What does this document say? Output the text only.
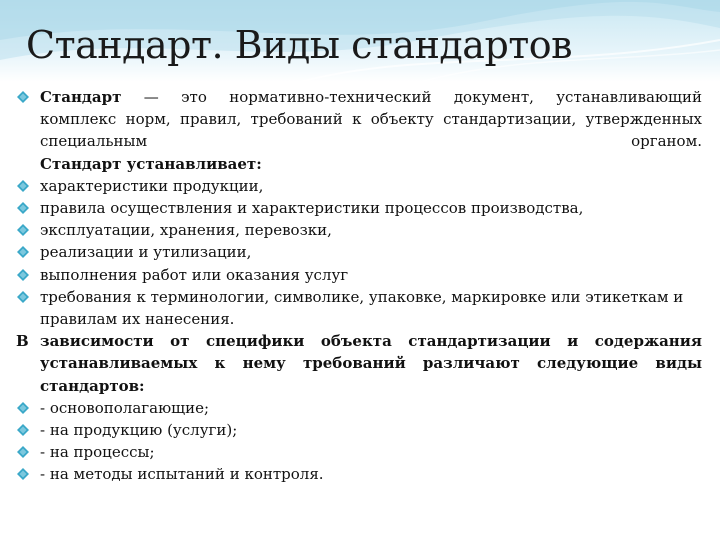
Стандарт. Виды стандартов
Стандарт — это нормативно-технический документ, устанавливающий
комплекс норм, правил, требований к объекту стандартизации, утвержденных
специальным органом.
Стандарт устанавливает:
характеристики продукции,
правила осуществления и характеристики процессов производства,
эксплуатации, хранения, перевозки,
реализации и утилизации,
выполнения работ или оказания услуг
требования к терминологии, символике, упаковке, маркировке или этикеткам и правилам их нанесения.
В зависимости от специфики объекта стандартизации и содержания
устанавливаемых к нему требований различают следующие виды
стандартов:
- основополагающие;
- на продукцию (услуги);
- на процессы;
- на методы испытаний и контроля.
